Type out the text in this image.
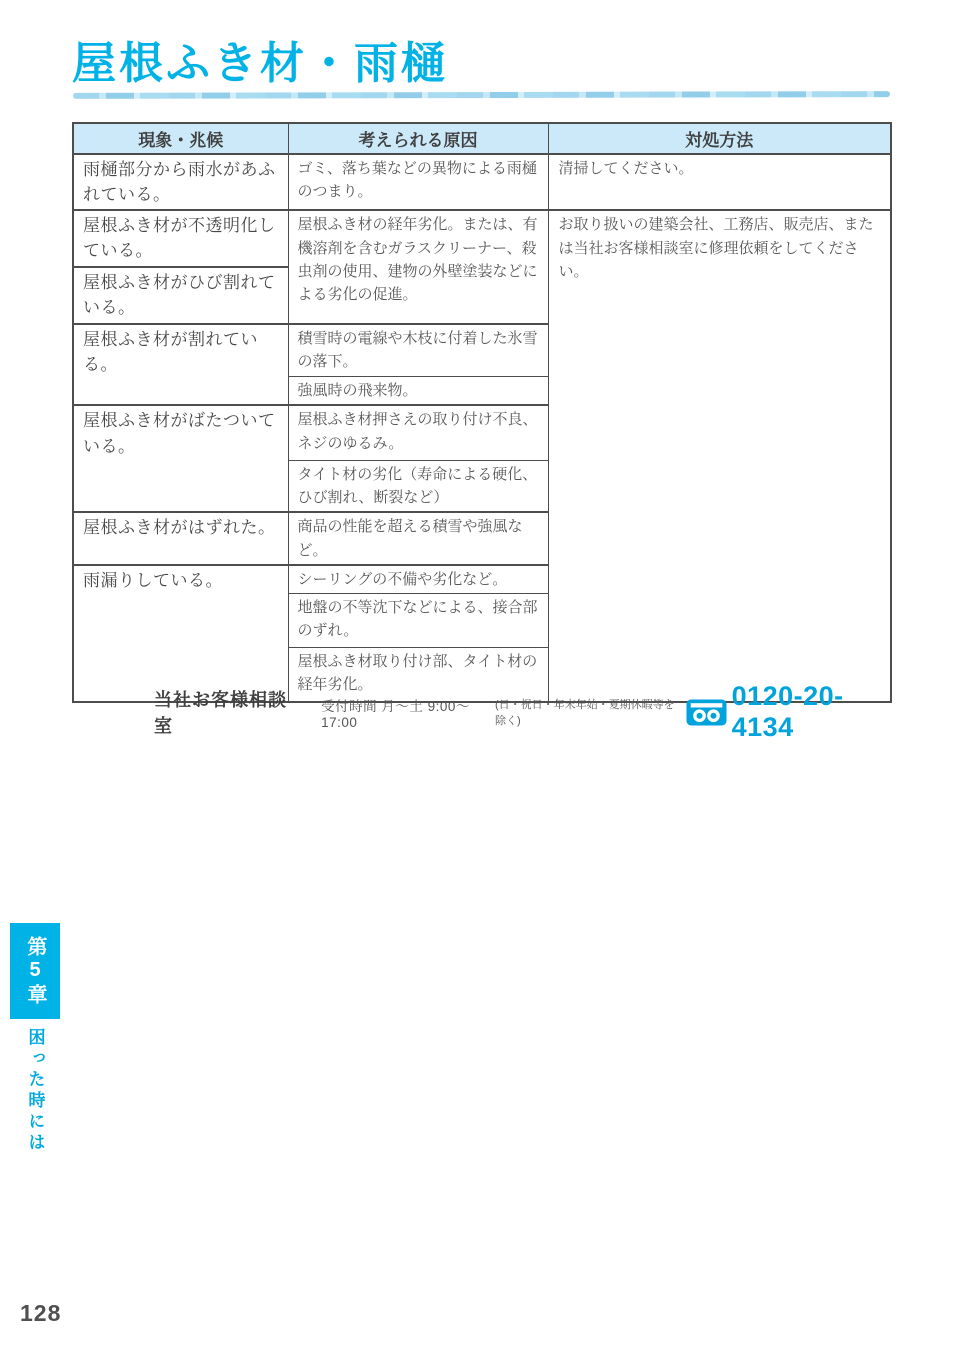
屋根ふき材・雨樋
現象・兆候	考えられる原因	対処方法
雨樋部分から雨水があふれている。	ゴミ、落ち葉などの異物による雨樋のつまり。	清掃してください。
屋根ふき材が不透明化している。	屋根ふき材の経年劣化。または、有機溶剤を含むガラスクリーナー、殺虫剤の使用、建物の外壁塗装などによる劣化の促進。	お取り扱いの建築会社、工務店、販売店、または当社お客様相談室に修理依頼をしてください。
屋根ふき材がひび割れている。		
屋根ふき材が割れている。	積雪時の電線や木枝に付着した氷雪の落下。	
	強風時の飛来物。	
屋根ふき材がばたついている。	屋根ふき材押さえの取り付け不良、ネジのゆるみ。	
	タイト材の劣化（寿命による硬化、ひび割れ、断裂など）	
屋根ふき材がはずれた。	商品の性能を超える積雪や強風など。	
雨漏りしている。	シーリングの不備や劣化など。	
	地盤の不等沈下などによる、接合部のずれ。	
	屋根ふき材取り付け部、タイト材の経年劣化。	
当社お客様相談室
受付時間 月～土 9:00～17:00
(日・祝日・年末年始・夏期休暇等を除く)
0120-20-4134
第5章
困った時には
128
